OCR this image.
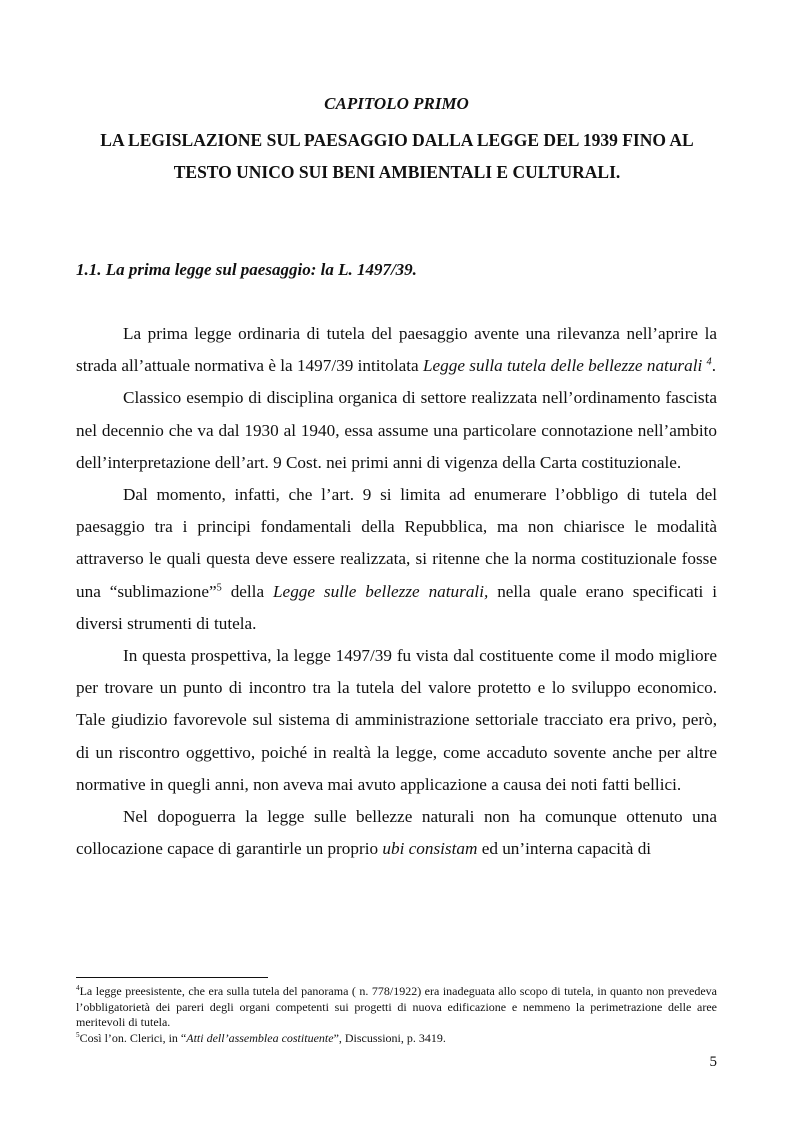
CAPITOLO PRIMO
LA LEGISLAZIONE SUL PAESAGGIO DALLA LEGGE DEL 1939 FINO AL
TESTO UNICO SUI BENI AMBIENTALI E CULTURALI.
1.1. La prima legge sul paesaggio: la L. 1497/39.

La prima legge ordinaria di tutela del paesaggio avente una rilevanza nell’aprire la strada all’attuale normativa è la 1497/39 intitolata Legge sulla tutela delle bellezze naturali $^4$.

Classico esempio di disciplina organica di settore realizzata nell’ordinamento fascista nel decennio che va dal 1930 al 1940, essa assume una particolare connotazione nell’ambito dell’interpretazione dell’art. 9 Cost. nei primi anni di vigenza della Carta costituzionale.

Dal momento, infatti, che l’art. 9 si limita ad enumerare l’obbligo di tutela del paesaggio tra i principi fondamentali della Repubblica, ma non chiarisce le modalità attraverso le quali questa deve essere realizzata, si ritenne che la norma costituzionale fosse una “sublimazione”$^5$ della Legge sulle bellezze naturali, nella quale erano specificati i diversi strumenti di tutela.

In questa prospettiva, la legge 1497/39 fu vista dal costituente come il modo migliore per trovare un punto di incontro tra la tutela del valore protetto e lo sviluppo economico. Tale giudizio favorevole sul sistema di amministrazione settoriale tracciato era privo, però, di un riscontro oggettivo, poiché in realtà la legge, come accaduto sovente anche per altre normative in quegli anni, non aveva mai avuto applicazione a causa dei noti fatti bellici.

Nel dopoguerra la legge sulle bellezze naturali non ha comunque ottenuto una collocazione capace di garantirle un proprio ubi consistam ed un’interna capacità di

$^4$La legge preesistente, che era sulla tutela del panorama ( n. 778/1922) era inadeguata allo scopo di tutela, in quanto non prevedeva l’obbligatorietà dei pareri degli organi competenti sui progetti di nuova edificazione e nemmeno la perimetrazione delle aree meritevoli di tutela.

$^5$Così l’on. Clerici, in “Atti dell’assemblea costituente”, Discussioni, p. 3419.

5
